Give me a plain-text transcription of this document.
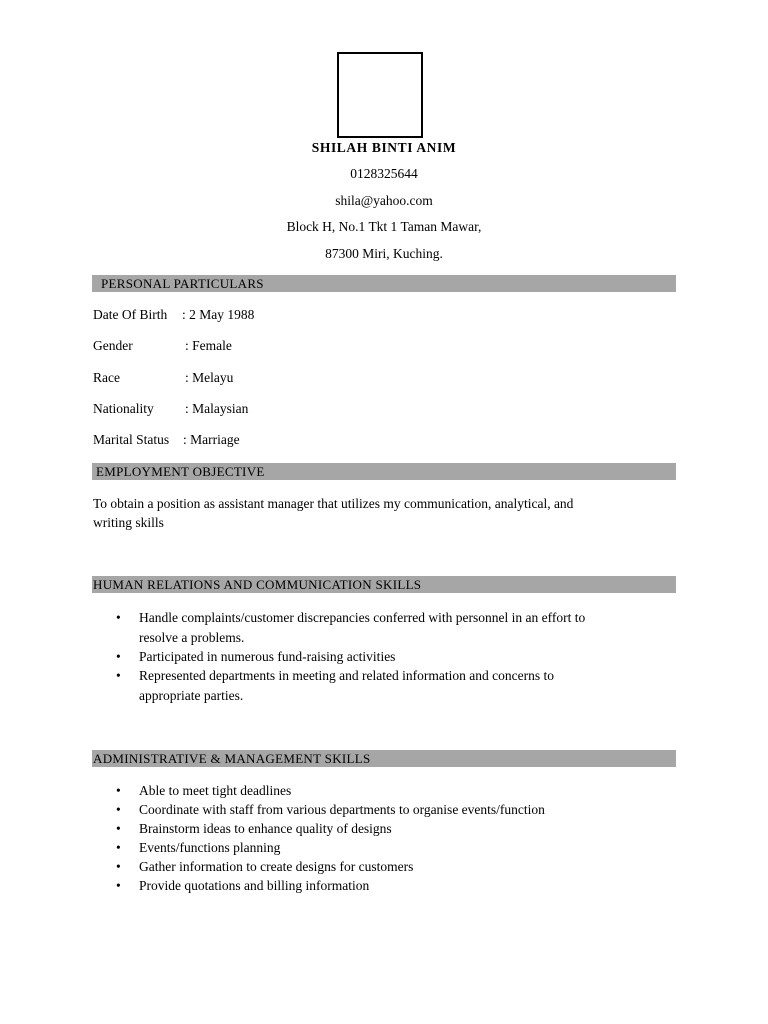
SHILAH BINTI ANIM
0128325644
shila@yahoo.com
Block H, No.1 Tkt 1 Taman Mawar,
87300 Miri, Kuching.
PERSONAL PARTICULARS
Date Of Birth : 2 May 1988
Gender	: Female
Race	: Melayu
Nationality : Malaysian
Marital Status : Marriage
EMPLOYMENT OBJECTIVE
To obtain a position as assistant manager that utilizes my communication, analytical, and
writing skills
HUMAN RELATIONS AND COMMUNICATION SKILLS
• Handle complaints/customer discrepancies conferred with personnel in an effort to
resolve a problems.
• Participated in numerous fund-raising activities
• Represented departments in meeting and related information and concerns to
appropriate parties.
ADMINISTRATIVE & MANAGEMENT SKILLS
• Able to meet tight deadlines
• Coordinate with staff from various departments to organise events/function
• Brainstorm ideas to enhance quality of designs
• Events/functions planning
• Gather information to create designs for customers
• Provide quotations and billing information
